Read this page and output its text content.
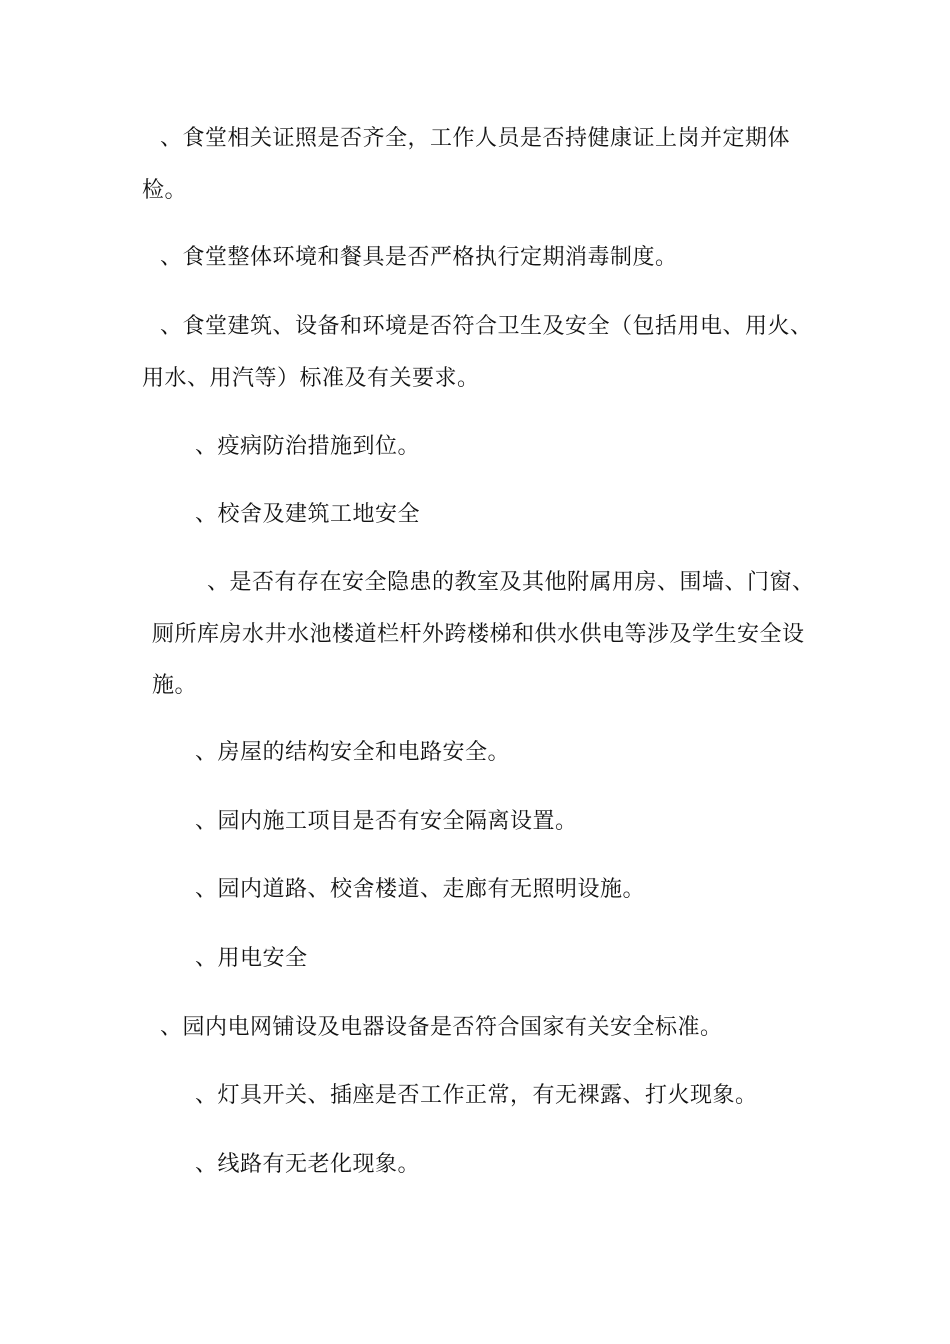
、食堂相关证照是否齐全，工作人员是否持健康证上岗并定期体
检。
、食堂整体环境和餐具是否严格执行定期消毒制度。
、食堂建筑、设备和环境是否符合卫生及安全（包括用电、用火、
用水、用汽等）标准及有关要求。
、疫病防治措施到位。
、校舍及建筑工地安全
、是否有存在安全隐患的教室及其他附属用房、围墙、门窗、
厕所库房水井水池楼道栏杆外跨楼梯和供水供电等涉及学生安全设
施。
、房屋的结构安全和电路安全。
、园内施工项目是否有安全隔离设置。
、园内道路、校舍楼道、走廊有无照明设施。
、用电安全
、园内电网铺设及电器设备是否符合国家有关安全标准。
、灯具开关、插座是否工作正常，有无裸露、打火现象。
、线路有无老化现象。
